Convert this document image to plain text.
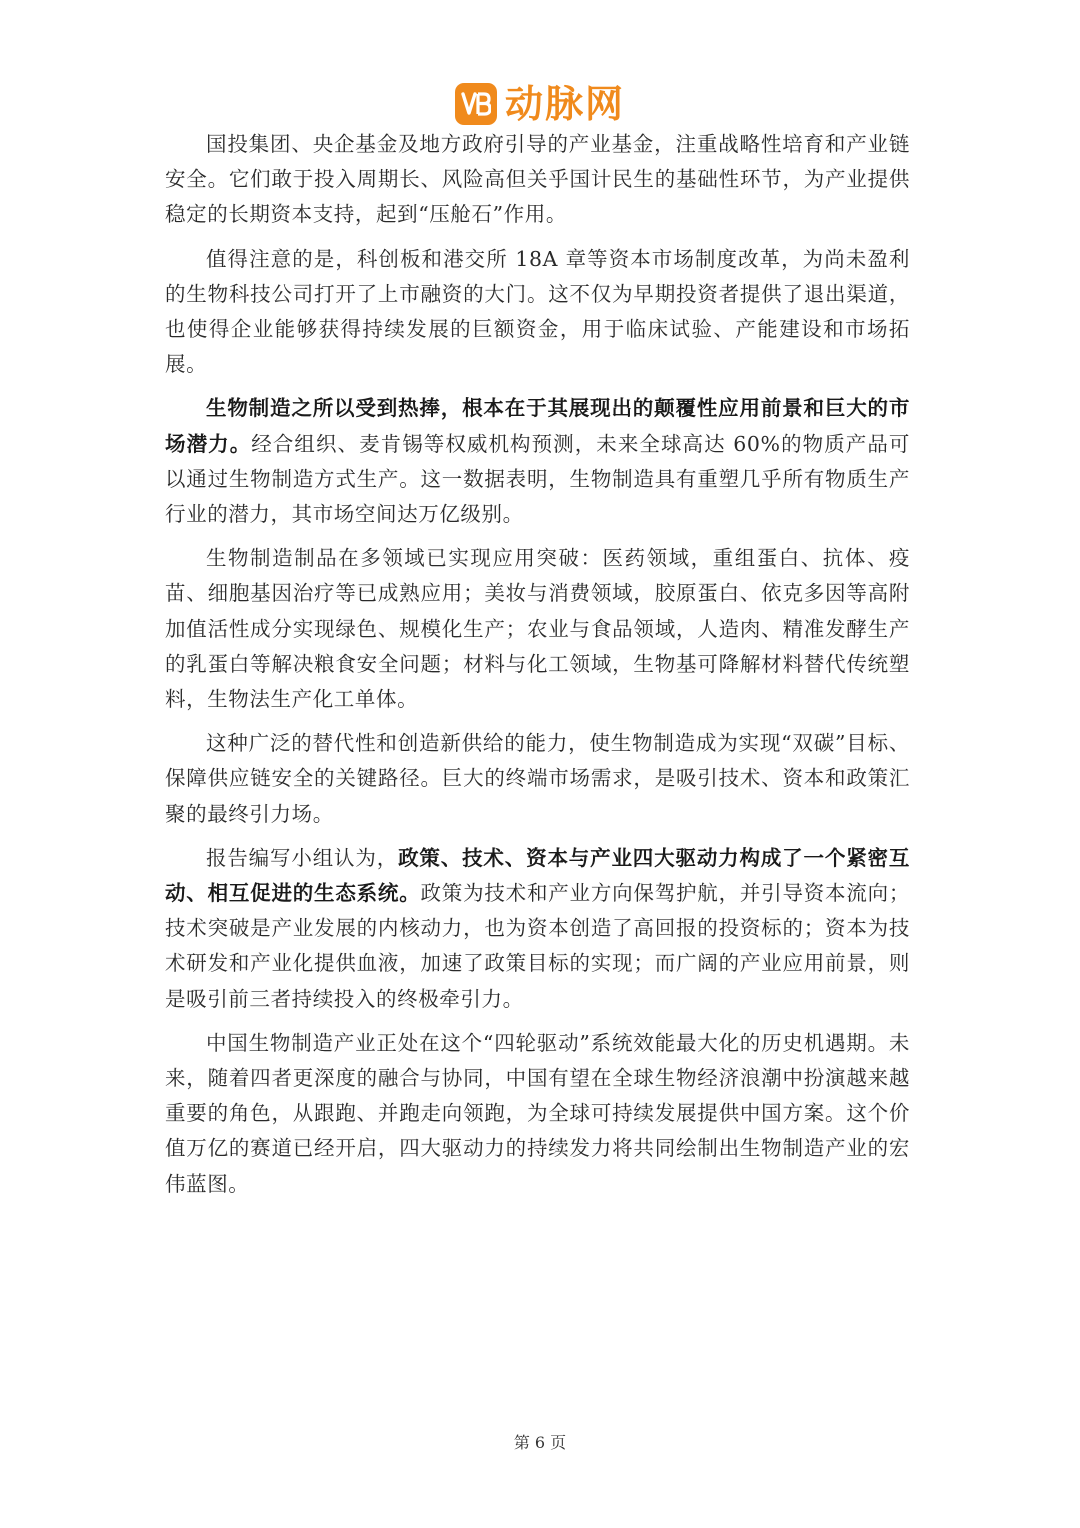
动脉网

国投集团、央企基金及地方政府引导的产业基金，注重战略性培育和产业链安全。它们敢于投入周期长、风险高但关乎国计民生的基础性环节，为产业提供稳定的长期资本支持，起到“压舱石”作用。

值得注意的是，科创板和港交所 18A 章等资本市场制度改革，为尚未盈利的生物科技公司打开了上市融资的大门。这不仅为早期投资者提供了退出渠道，也使得企业能够获得持续发展的巨额资金，用于临床试验、产能建设和市场拓展。

生物制造之所以受到热捧，根本在于其展现出的颠覆性应用前景和巨大的市场潜力。经合组织、麦肯锡等权威机构预测，未来全球高达 60%的物质产品可以通过生物制造方式生产。这一数据表明，生物制造具有重塑几乎所有物质生产行业的潜力，其市场空间达万亿级别。

生物制造制品在多领域已实现应用突破：医药领域，重组蛋白、抗体、疫苗、细胞基因治疗等已成熟应用；美妆与消费领域，胶原蛋白、依克多因等高附加值活性成分实现绿色、规模化生产；农业与食品领域，人造肉、精准发酵生产的乳蛋白等解决粮食安全问题；材料与化工领域，生物基可降解材料替代传统塑料，生物法生产化工单体。

这种广泛的替代性和创造新供给的能力，使生物制造成为实现“双碳”目标、保障供应链安全的关键路径。巨大的终端市场需求，是吸引技术、资本和政策汇聚的最终引力场。

报告编写小组认为，政策、技术、资本与产业四大驱动力构成了一个紧密互动、相互促进的生态系统。政策为技术和产业方向保驾护航，并引导资本流向；技术突破是产业发展的内核动力，也为资本创造了高回报的投资标的；资本为技术研发和产业化提供血液，加速了政策目标的实现；而广阔的产业应用前景，则是吸引前三者持续投入的终极牵引力。

中国生物制造产业正处在这个“四轮驱动”系统效能最大化的历史机遇期。未来，随着四者更深度的融合与协同，中国有望在全球生物经济浪潮中扮演越来越重要的角色，从跟跑、并跑走向领跑，为全球可持续发展提供中国方案。这个价值万亿的赛道已经开启，四大驱动力的持续发力将共同绘制出生物制造产业的宏伟蓝图。

第 6 页
